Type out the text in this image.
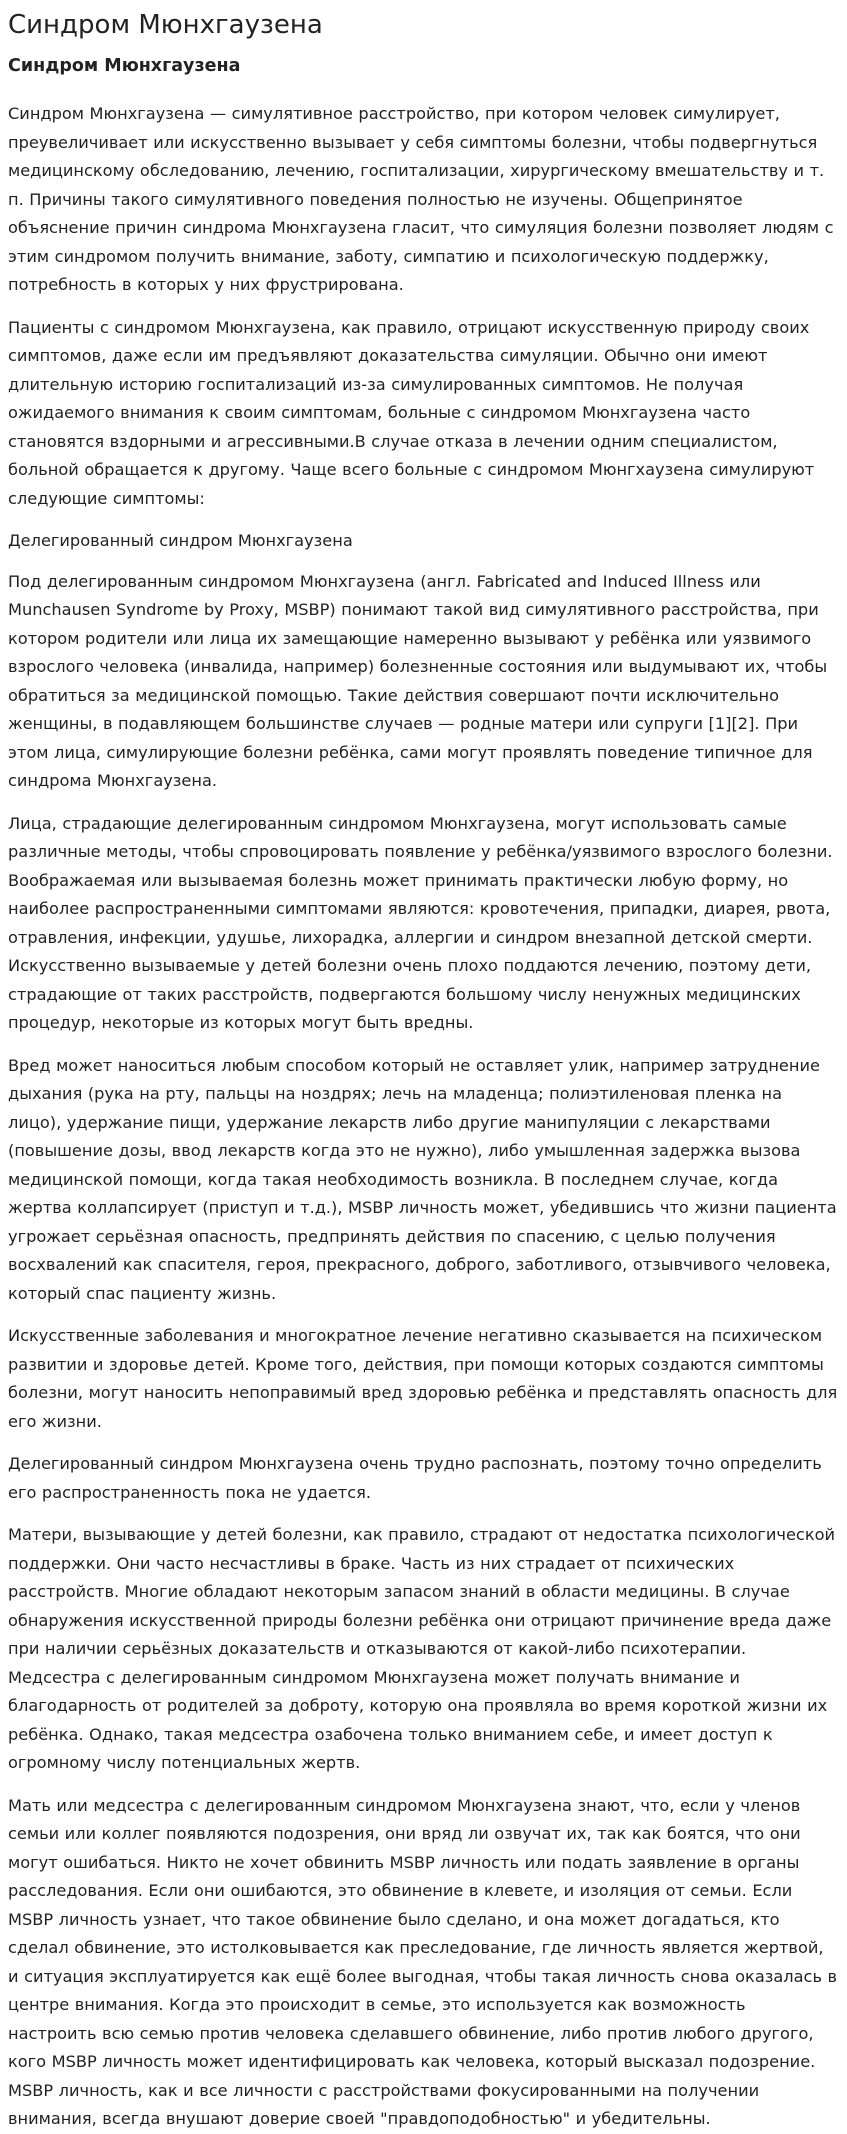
Синдром Мюнхгаузена
Синдром Мюнхгаузена

Синдром Мюнхгаузена — симулятивное расстройство, при котором человек симулирует, преувеличивает или искусственно вызывает у себя симптомы болезни, чтобы подвергнуться медицинскому обследованию, лечению, госпитализации, хирургическому вмешательству и т. п. Причины такого симулятивного поведения полностью не изучены. Общепринятое объяснение причин синдрома Мюнхгаузена гласит, что симуляция болезни позволяет людям с этим синдромом получить внимание, заботу, симпатию и психологическую поддержку, потребность в которых у них фрустрирована.

Пациенты с синдромом Мюнхгаузена, как правило, отрицают искусственную природу своих симптомов, даже если им предъявляют доказательства симуляции. Обычно они имеют длительную историю госпитализаций из-за симулированных симптомов. Не получая ожидаемого внимания к своим симптомам, больные с синдромом Мюнхгаузена часто становятся вздорными и агрессивными.В случае отказа в лечении одним специалистом, больной обращается к другому. Чаще всего больные с синдромом Мюнгхаузена симулируют следующие симптомы:

Делегированный синдром Мюнхгаузена

Под делегированным синдромом Мюнхгаузена (англ. Fabricated and Induced Illness или Munchausen Syndrome by Proxy, MSBP) понимают такой вид симулятивного расстройства, при котором родители или лица их замещающие намеренно вызывают у ребёнка или уязвимого взрослого человека (инвалида, например) болезненные состояния или выдумывают их, чтобы обратиться за медицинской помощью. Такие действия совершают почти исключительно женщины, в подавляющем большинстве случаев — родные матери или супруги [1][2]. При этом лица, симулирующие болезни ребёнка, сами могут проявлять поведение типичное для синдрома Мюнхгаузена.

Лица, страдающие делегированным синдромом Мюнхгаузена, могут использовать самые различные методы, чтобы спровоцировать появление у ребёнка/уязвимого взрослого болезни. Воображаемая или вызываемая болезнь может принимать практически любую форму, но наиболее распространенными симптомами являются: кровотечения, припадки, диарея, рвота, отравления, инфекции, удушье, лихорадка, аллергии и синдром внезапной детской смерти. Искусственно вызываемые у детей болезни очень плохо поддаются лечению, поэтому дети, страдающие от таких расстройств, подвергаются большому числу ненужных медицинских процедур, некоторые из которых могут быть вредны.

Вред может наноситься любым способом который не оставляет улик, например затруднение дыхания (рука на рту, пальцы на ноздрях; лечь на младенца; полиэтиленовая пленка на лицо), удержание пищи, удержание лекарств либо другие манипуляции с лекарствами (повышение дозы, ввод лекарств когда это не нужно), либо умышленная задержка вызова медицинской помощи, когда такая необходимость возникла. В последнем случае, когда жертва коллапсирует (приступ и т.д.), MSBP личность может, убедившись что жизни пациента угрожает серьёзная опасность, предпринять действия по спасению, с целью получения восхвалений как спасителя, героя, прекрасного, доброго, заботливого, отзывчивого человека, который спас пациенту жизнь.

Искусственные заболевания и многократное лечение негативно сказывается на психическом развитии и здоровье детей. Кроме того, действия, при помощи которых создаются симптомы болезни, могут наносить непоправимый вред здоровью ребёнка и представлять опасность для его жизни.

Делегированный синдром Мюнхгаузена очень трудно распознать, поэтому точно определить его распространенность пока не удается.

Матери, вызывающие у детей болезни, как правило, страдают от недостатка психологической поддержки. Они часто несчастливы в браке. Часть из них страдает от психических расстройств. Многие обладают некоторым запасом знаний в области медицины. В случае обнаружения искусственной природы болезни ребёнка они отрицают причинение вреда даже при наличии серьёзных доказательств и отказываются от какой-либо психотерапии. Медсестра с делегированным синдромом Мюнхгаузена может получать внимание и благодарность от родителей за доброту, которую она проявляла во время короткой жизни их ребёнка. Однако, такая медсестра озабочена только вниманием себе, и имеет доступ к огромному числу потенциальных жертв.

Мать или медсестра с делегированным синдромом Мюнхгаузена знают, что, если у членов семьи или коллег появляются подозрения, они вряд ли озвучат их, так как боятся, что они могут ошибаться. Никто не хочет обвинить MSBP личность или подать заявление в органы расследования. Если они ошибаются, это обвинение в клевете, и изоляция от семьи. Если MSBP личность узнает, что такое обвинение было сделано, и она может догадаться, кто сделал обвинение, это истолковывается как преследование, где личность является жертвой, и ситуация эксплуатируется как ещё более выгодная, чтобы такая личность снова оказалась в центре внимания. Когда это происходит в семье, это используется как возможность настроить всю семью против человека сделавшего обвинение, либо против любого другого, кого MSBP личность может идентифицировать как человека, который высказал подозрение. MSBP личность, как и все личности с расстройствами фокусированными на получении внимания, всегда внушают доверие своей "правдоподобностью" и убедительны.
